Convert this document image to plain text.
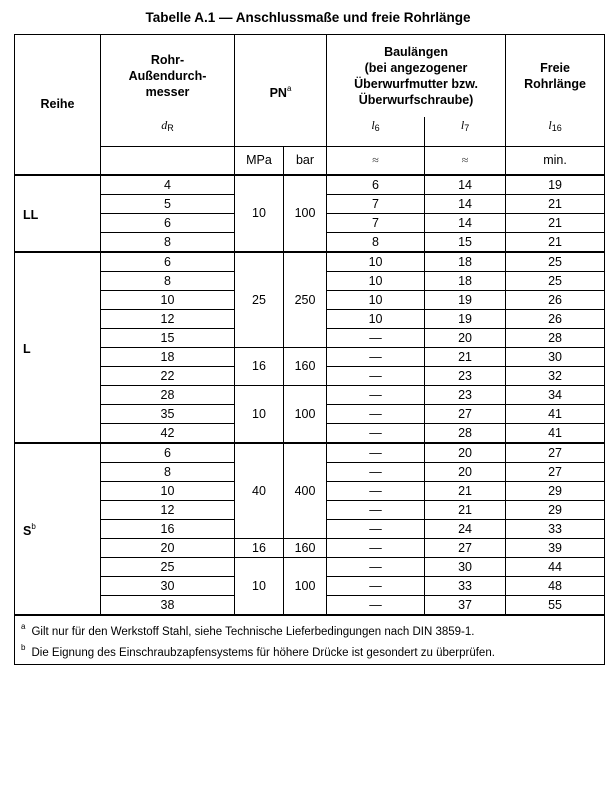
Tabelle A.1 — Anschlussmaße und freie Rohrlänge
Reihe	Rohr-
Außendurch-
messer	$PN^a$		Baulängen
(bei angezogener
Überwurfmutter bzw.
Überwurfschraube)		Freie
Rohrlänge
	$d_R$			$l_6$	$l_7$	$l_{16}$
		MPa	bar	≈	≈	min.
LL	4	10	100	6	14	19
	5			7	14	21
	6			7	14	21
	8			8	15	21
L	6	25	250	10	18	25
	8			10	18	25
	10			10	19	26
	12			10	19	26
	15			—	20	28
	18	16	160	—	21	30
	22			—	23	32
	28	10	100	—	23	34
	35			—	27	41
	42			—	28	41
$S^b$	6	40	400	—	20	27
	8			—	20	27
	10			—	21	29
	12			—	21	29
	16			—	24	33
	20	16	160	—	27	39
	25	10	100	—	30	44
	30			—	33	48
	38			—	37	55
$^a$ Gilt nur für den Werkstoff Stahl, siehe Technische Lieferbedingungen nach DIN 3859-1.
$^b$ Die Eignung des Einschraubzapfensystems für höhere Drücke ist gesondert zu überprüfen.						
